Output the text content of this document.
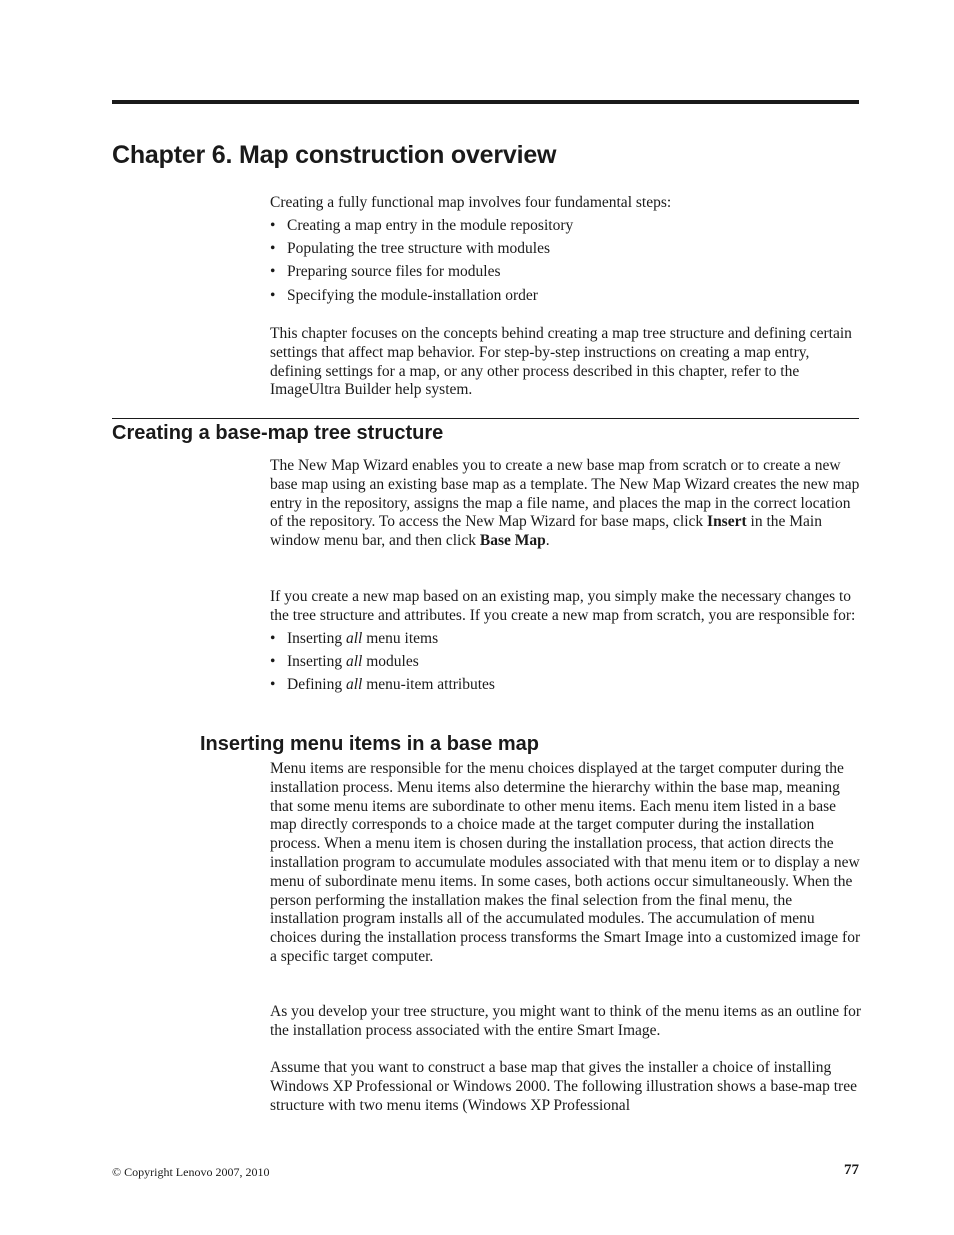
Chapter 6. Map construction overview

Creating a fully functional map involves four fundamental steps:

• Creating a map entry in the module repository
• Populating the tree structure with modules
• Preparing source files for modules
• Specifying the module-installation order

This chapter focuses on the concepts behind creating a map tree structure and defining certain settings that affect map behavior. For step-by-step instructions on creating a map entry, defining settings for a map, or any other process described in this chapter, refer to the ImageUltra Builder help system.

Creating a base-map tree structure

The New Map Wizard enables you to create a new base map from scratch or to create a new base map using an existing base map as a template. The New Map Wizard creates the new map entry in the repository, assigns the map a file name, and places the map in the correct location of the repository. To access the New Map Wizard for base maps, click Insert in the Main window menu bar, and then click Base Map.

If you create a new map based on an existing map, you simply make the necessary changes to the tree structure and attributes. If you create a new map from scratch, you are responsible for:

• Inserting all menu items
• Inserting all modules
• Defining all menu-item attributes
Inserting menu items in a base map

Menu items are responsible for the menu choices displayed at the target computer during the installation process. Menu items also determine the hierarchy within the base map, meaning that some menu items are subordinate to other menu items. Each menu item listed in a base map directly corresponds to a choice made at the target computer during the installation process. When a menu item is chosen during the installation process, that action directs the installation program to accumulate modules associated with that menu item or to display a new menu of subordinate menu items. In some cases, both actions occur simultaneously. When the person performing the installation makes the final selection from the final menu, the installation program installs all of the accumulated modules. The accumulation of menu choices during the installation process transforms the Smart Image into a customized image for a specific target computer.

As you develop your tree structure, you might want to think of the menu items as an outline for the installation process associated with the entire Smart Image.

Assume that you want to construct a base map that gives the installer a choice of installing Windows XP Professional or Windows 2000. The following illustration shows a base-map tree structure with two menu items (Windows XP Professional

© Copyright Lenovo 2007, 2010	77
